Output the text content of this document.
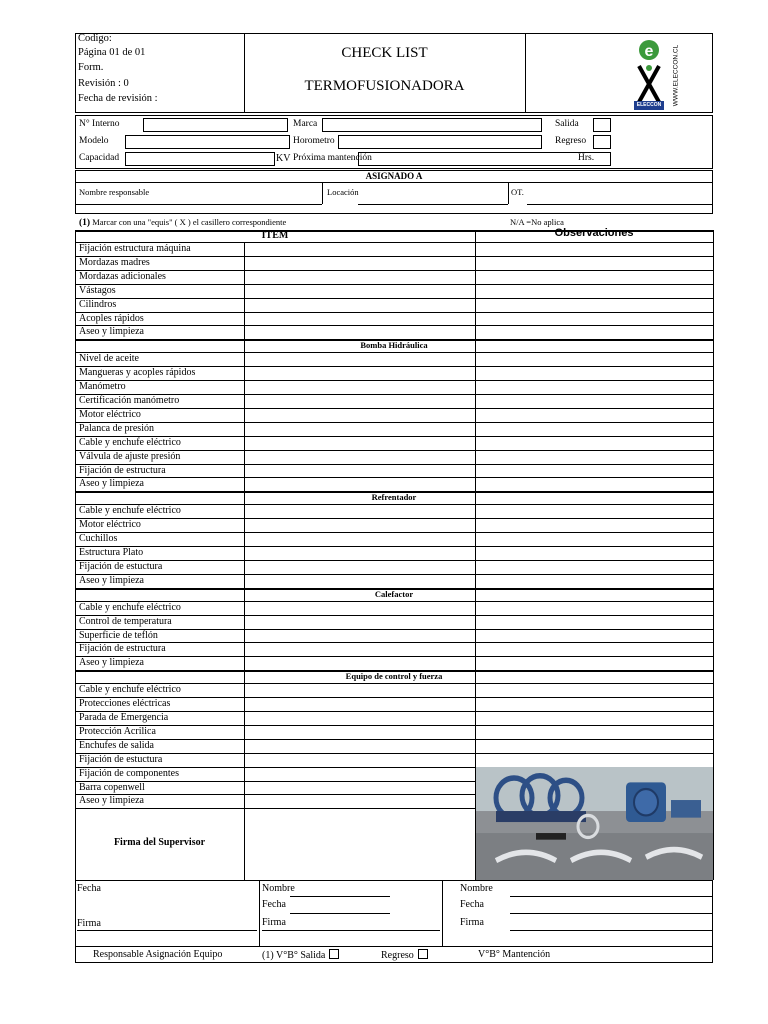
Codigo:
Página 01 de 01
Form.
Revisión : 0
Fecha de revisión :
CHECK LIST
TERMOFUSIONADORA
e
ELECCON	WWW.ELECCON.CL
N° Interno	Marca	Salida
Modelo	Horometro	Regreso
Capacidad	KV Próxima mantención	Hrs.
ASIGNADO A
Nombre responsable	Locación	OT.
(1) Marcar con una "equis" ( X ) el casillero correspondiente	N/A =No aplica
ITEM	Observaciones
Fijación estructura máquina
Mordazas madres
Mordazas adicionales
Vástagos
Cilindros
Acoples rápidos
Aseo y limpieza
Bomba Hidráulica
Nivel de aceite
Mangueras y acoples rápidos
Manómetro
Certificación manómetro
Motor eléctrico
Palanca de presión
Cable y enchufe eléctrico
Válvula de ajuste presión
Fijación de estructura
Aseo y limpieza
Refrentador
Cable y enchufe eléctrico
Motor eléctrico
Cuchillos
Estructura Plato
Fijación de estuctura
Aseo y limpieza
Calefactor
Cable y enchufe eléctrico
Control de temperatura
Superficie de teflón
Fijación de estructura
Aseo y limpieza
Equipo de control y fuerza
Cable y enchufe eléctrico
Protecciones eléctricas
Parada de Emergencia
Protección Acrilica
Enchufes de salida
Fijación de estuctura
Fijación de componentes
Barra copenwell
Aseo y limpieza
Firma del Supervisor
Fecha
Firma
Nombre
Fecha
Firma
Nombre
Fecha
Firma
Responsable Asignación Equipo	(1) V°B° Salida	Regreso	V°B° Mantención
